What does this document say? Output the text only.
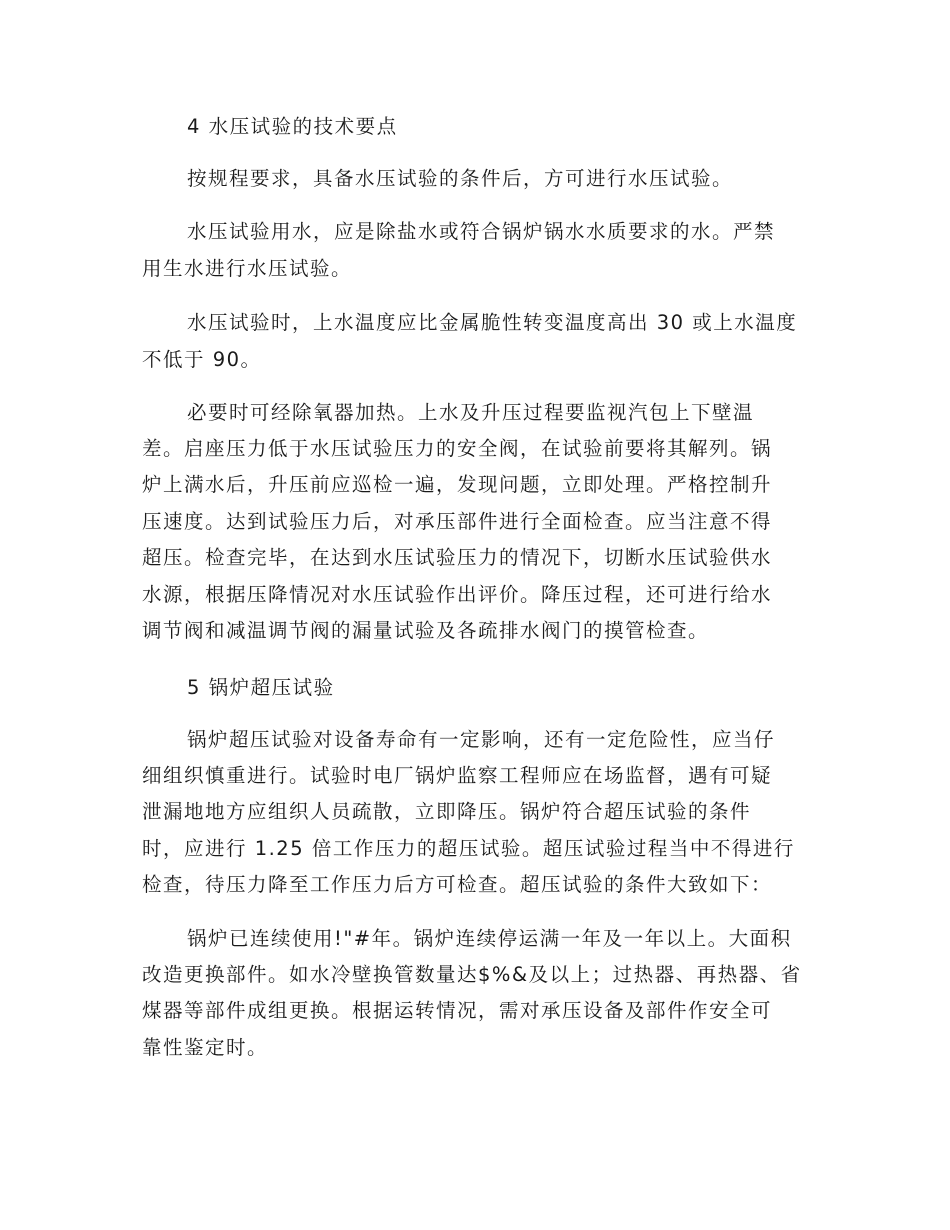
4 水压试验的技术要点
按规程要求，具备水压试验的条件后，方可进行水压试验。
水压试验用水，应是除盐水或符合锅炉锅水水质要求的水。严禁
用生水进行水压试验。
水压试验时，上水温度应比金属脆性转变温度高出 30 或上水温度
不低于 90。
必要时可经除氧器加热。上水及升压过程要监视汽包上下壁温
差。启座压力低于水压试验压力的安全阀，在试验前要将其解列。锅
炉上满水后，升压前应巡检一遍，发现问题，立即处理。严格控制升
压速度。达到试验压力后，对承压部件进行全面检查。应当注意不得
超压。检查完毕，在达到水压试验压力的情况下，切断水压试验供水
水源，根据压降情况对水压试验作出评价。降压过程，还可进行给水
调节阀和减温调节阀的漏量试验及各疏排水阀门的摸管检查。
5 锅炉超压试验
锅炉超压试验对设备寿命有一定影响，还有一定危险性，应当仔
细组织慎重进行。试验时电厂锅炉监察工程师应在场监督，遇有可疑
泄漏地地方应组织人员疏散，立即降压。锅炉符合超压试验的条件
时，应进行 1.25 倍工作压力的超压试验。超压试验过程当中不得进行
检查，待压力降至工作压力后方可检查。超压试验的条件大致如下：
锅炉已连续使用!"#年。锅炉连续停运满一年及一年以上。大面积
改造更换部件。如水冷壁换管数量达$%&及以上；过热器、再热器、省
煤器等部件成组更换。根据运转情况，需对承压设备及部件作安全可
靠性鉴定时。
